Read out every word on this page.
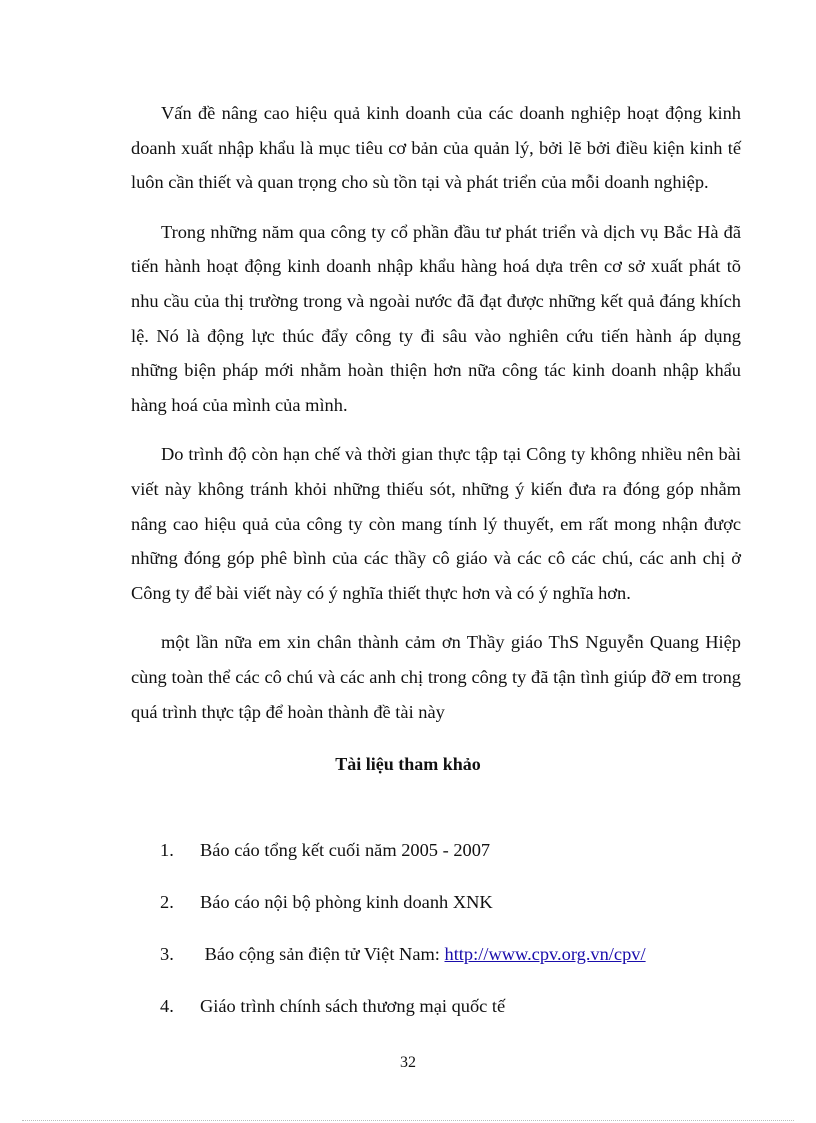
Vấn đề nâng cao hiệu quả kinh doanh của các doanh nghiệp hoạt động kinh doanh xuất nhập khẩu là mục tiêu cơ bản của quản lý, bởi lẽ bởi điều kiện kinh tế luôn cần thiết và quan trọng cho sù tồn tại và phát triển của mỗi doanh nghiệp.

Trong những năm qua công ty cổ phần đầu tư phát triển và dịch vụ Bắc Hà đã tiến hành hoạt động kinh doanh nhập khẩu hàng hoá dựa trên cơ sở xuất phát tõ nhu cầu của thị trường trong và ngoài nước đã đạt được những kết quả đáng khích lệ. Nó là động lực thúc đẩy công ty đi sâu vào nghiên cứu tiến hành áp dụng những biện pháp mới nhằm hoàn thiện hơn nữa công tác kinh doanh nhập khẩu hàng hoá của mình của mình.

Do trình độ còn hạn chế và thời gian thực tập tại Công ty không nhiều nên bài viết này không tránh khỏi những thiếu sót, những ý kiến đưa ra đóng góp nhằm nâng cao hiệu quả của công ty còn mang tính lý thuyết, em rất mong nhận được những đóng góp phê bình của các thầy cô giáo và các cô các chú, các anh chị ở Công ty để bài viết này có ý nghĩa thiết thực hơn và có ý nghĩa hơn.

một lần nữa em xin chân thành cảm ơn Thầy giáo ThS Nguyễn Quang Hiệp cùng toàn thể các cô chú và các anh chị trong công ty đã tận tình giúp đỡ em trong quá trình thực tập để hoàn thành đề tài này

Tài liệu tham khảo
1. Báo cáo tổng kết cuối năm 2005 - 2007
2. Báo cáo nội bộ phòng kinh doanh XNK
3. Báo cộng sản điện tử Việt Nam: http://www.cpv.org.vn/cpv/
4. Giáo trình chính sách thương mại quốc tế
32
